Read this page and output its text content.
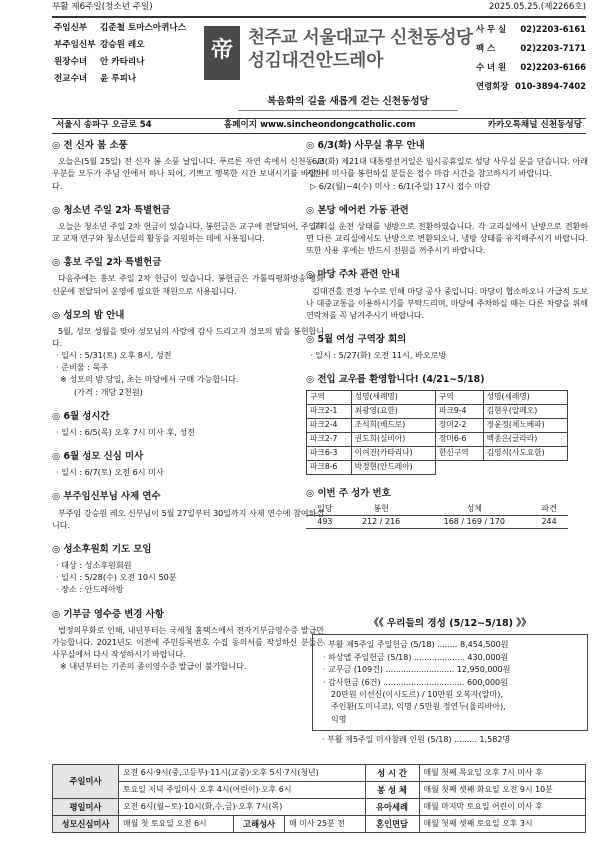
부활 제6주일(청소년 주일)	2025.05.25.(제2266호)
주임신부	김준철 토마스아퀴나스
부주임신부 강승원 레오
원장수녀	안 카타리나
전교수녀	윤 루피나
帝 천주교 서울대교구 신천동성당
성김대건안드레아
사 무 실 02)2203-6161
팩 스	02)2203-7171
수 녀 원 02)2203-6166
연령회장 010-3894-7402
복음화의 길을 새롭게 걷는 신천동성당
서울시 송파구 오금로 54	홈페이지 www.sincheondongcatholic.com	카카오톡채널 신천동성당
◎ 전 신자 봄 소풍

오늘은(5월 25일) 전 신자 봄 소풍 날입니다. 푸르른 자연 속에서 신천동 교우분들 모두가 주님 안에서 하나 되어, 기쁘고 행복한 시간 보내시기를 바랍니다.

◎ 청소년 주일 2차 특별헌금

오늘은 청소년 주일 2차 헌금이 있습니다. 봉헌금은 교구에 전달되어, 주일학교 교재 연구와 청소년들의 활동을 지원하는 데에 사용됩니다.

◎ 홍보 주일 2차 특별헌금

다음주에는 홍보 주일 2차 헌금이 있습니다. 봉헌금은 가톨릭평화방송·평화신문에 전달되어 운영에 필요한 재원으로 사용됩니다.

◎ 성모의 밤 안내

5월, 성모 성월을 맞아 성모님의 사랑에 감사 드리고자 성모의 밤을 봉헌합니다.

· 일시 : 5/31(토) 오후 8시, 성전
· 준비물 : 묵주
※ 성모의 밤 당일, 초는 마당에서 구매 가능합니다.
(가격 : 개당 2천원)
◎ 6월 성시간
· 일시 : 6/5(목) 오후 7시 미사 후, 성전
◎ 6월 성모 신심 미사
· 일시 : 6/7(토) 오전 6시 미사
◎ 부주임신부님 사제 연수

부주임 강승원 레오 신부님이 5월 27일부터 30일까지 사제 연수에 참여하십니다.

◎ 성소후원회 기도 모임
· 대상 : 성소후원회원
· 일시 : 5/28(수) 오전 10시 50분
· 장소 : 안드레아방
◎ 기부금 영수증 변경 사항

법정의무화로 인해, 내년부터는 국세청 홈택스에서 전자기부금영수증 발급만 가능합니다. 2021년도 이전에 주민등록번호 수집 동의서를 작성하신 분들은 사무실에서 다시 작성하시기 바랍니다.

※ 내년부터는 기존의 종이영수증 발급이 불가합니다.
◎ 6/3(화) 사무실 휴무 안내

6/3(화) 제21대 대통령선거일은 임시공휴일로 성당 사무실 문을 닫습니다. 아래 기간에 미사를 봉헌하실 분들은 접수 마감 시간을 참고하시기 바랍니다.

▷ 6/2(월)~4(수) 미사 : 6/1(주일) 17시 접수 마감
◎ 본당 에어컨 가동 관련

교리실 운전 상태를 냉방으로 전환하였습니다. 각 교리실에서 난방으로 전환하면 다른 교리실에서도 난방으로 변환되오니, 냉방 상태를 유지해주시기 바랍니다. 또한 사용 후에는 반드시 전원을 꺼주시기 바랍니다.

◎ 마당 주차 관련 안내

김대건홀 전정 누수로 인해 마당 공사 중입니다. 마당이 협소하오니 가급적 도보나 대중교통을 이용하시기를 부탁드리며, 마당에 주차하실 때는 다른 차량을 위해 연락처를 꼭 남겨주시기 바랍니다.

◎ 5월 여성 구역장 회의
· 일시 : 5/27(화) 오전 11시, 바오로방
◎ 전입 교우를 환영합니다! (4/21~5/18)
구역	성명(세례명)	구역	성명(세례명)
파크2-1	최광영(요한)	파크9-4	김현우(알페오)
파크2-4	조석희(베드로)	장미2-2	정윤정(체노베파)
파크2-7	권도희(실비아)	장미6-6	백종은(글라라)
파크6-3	이여진(카타리나)	한신구역	김영식(사도요한)
파크8-6	박정현(안드레아)		
◎ 이번 주 성가 번호
입당	봉헌	성체	파견
493	212 / 216	168 / 169 / 170	244
《《 우리들의 경성 (5/12~5/18) 》》
· 부활 제5주일 주일헌금 (5/18) ........ 8,454,500원
· 하상앱 주일헌금 (5/18) .................... 430,000원
· 교무금 (109건) ........................... 12,950,000원
· 감사헌금 (6건) ................................ 600,000원
20만원 이선신(이시도르) / 10만원 오복자(알마),
주인환(도미니코), 익명 / 5만원 정연두(율리바아),
익명
· 부활 제5주일 미사참례 인원 (5/18) ......... 1,582명
주일미사	오전 6시·9시(중,고등부)·11시(교중)·오후 5시·7시(청년)			성 시 간	매월 첫째 목요일 오후 7시 미사 후
	토요일 저녁 주일미사 오후 4시(어린이)·오후 6시			봉 성 체	매월 첫째 셋째 화요일 오전 9시 10분
평일미사	오전 6시(월~토)·10시(화,수,금)·오후 7시(목)			유아세례	매월 마지막 토요일 어린이 미사 후
성모신심미사	매월 첫 토요일 오전 6시	고해성사	매 미사 25분 전	혼인면담	매월 첫째 셋째 토요일 오후 3시
